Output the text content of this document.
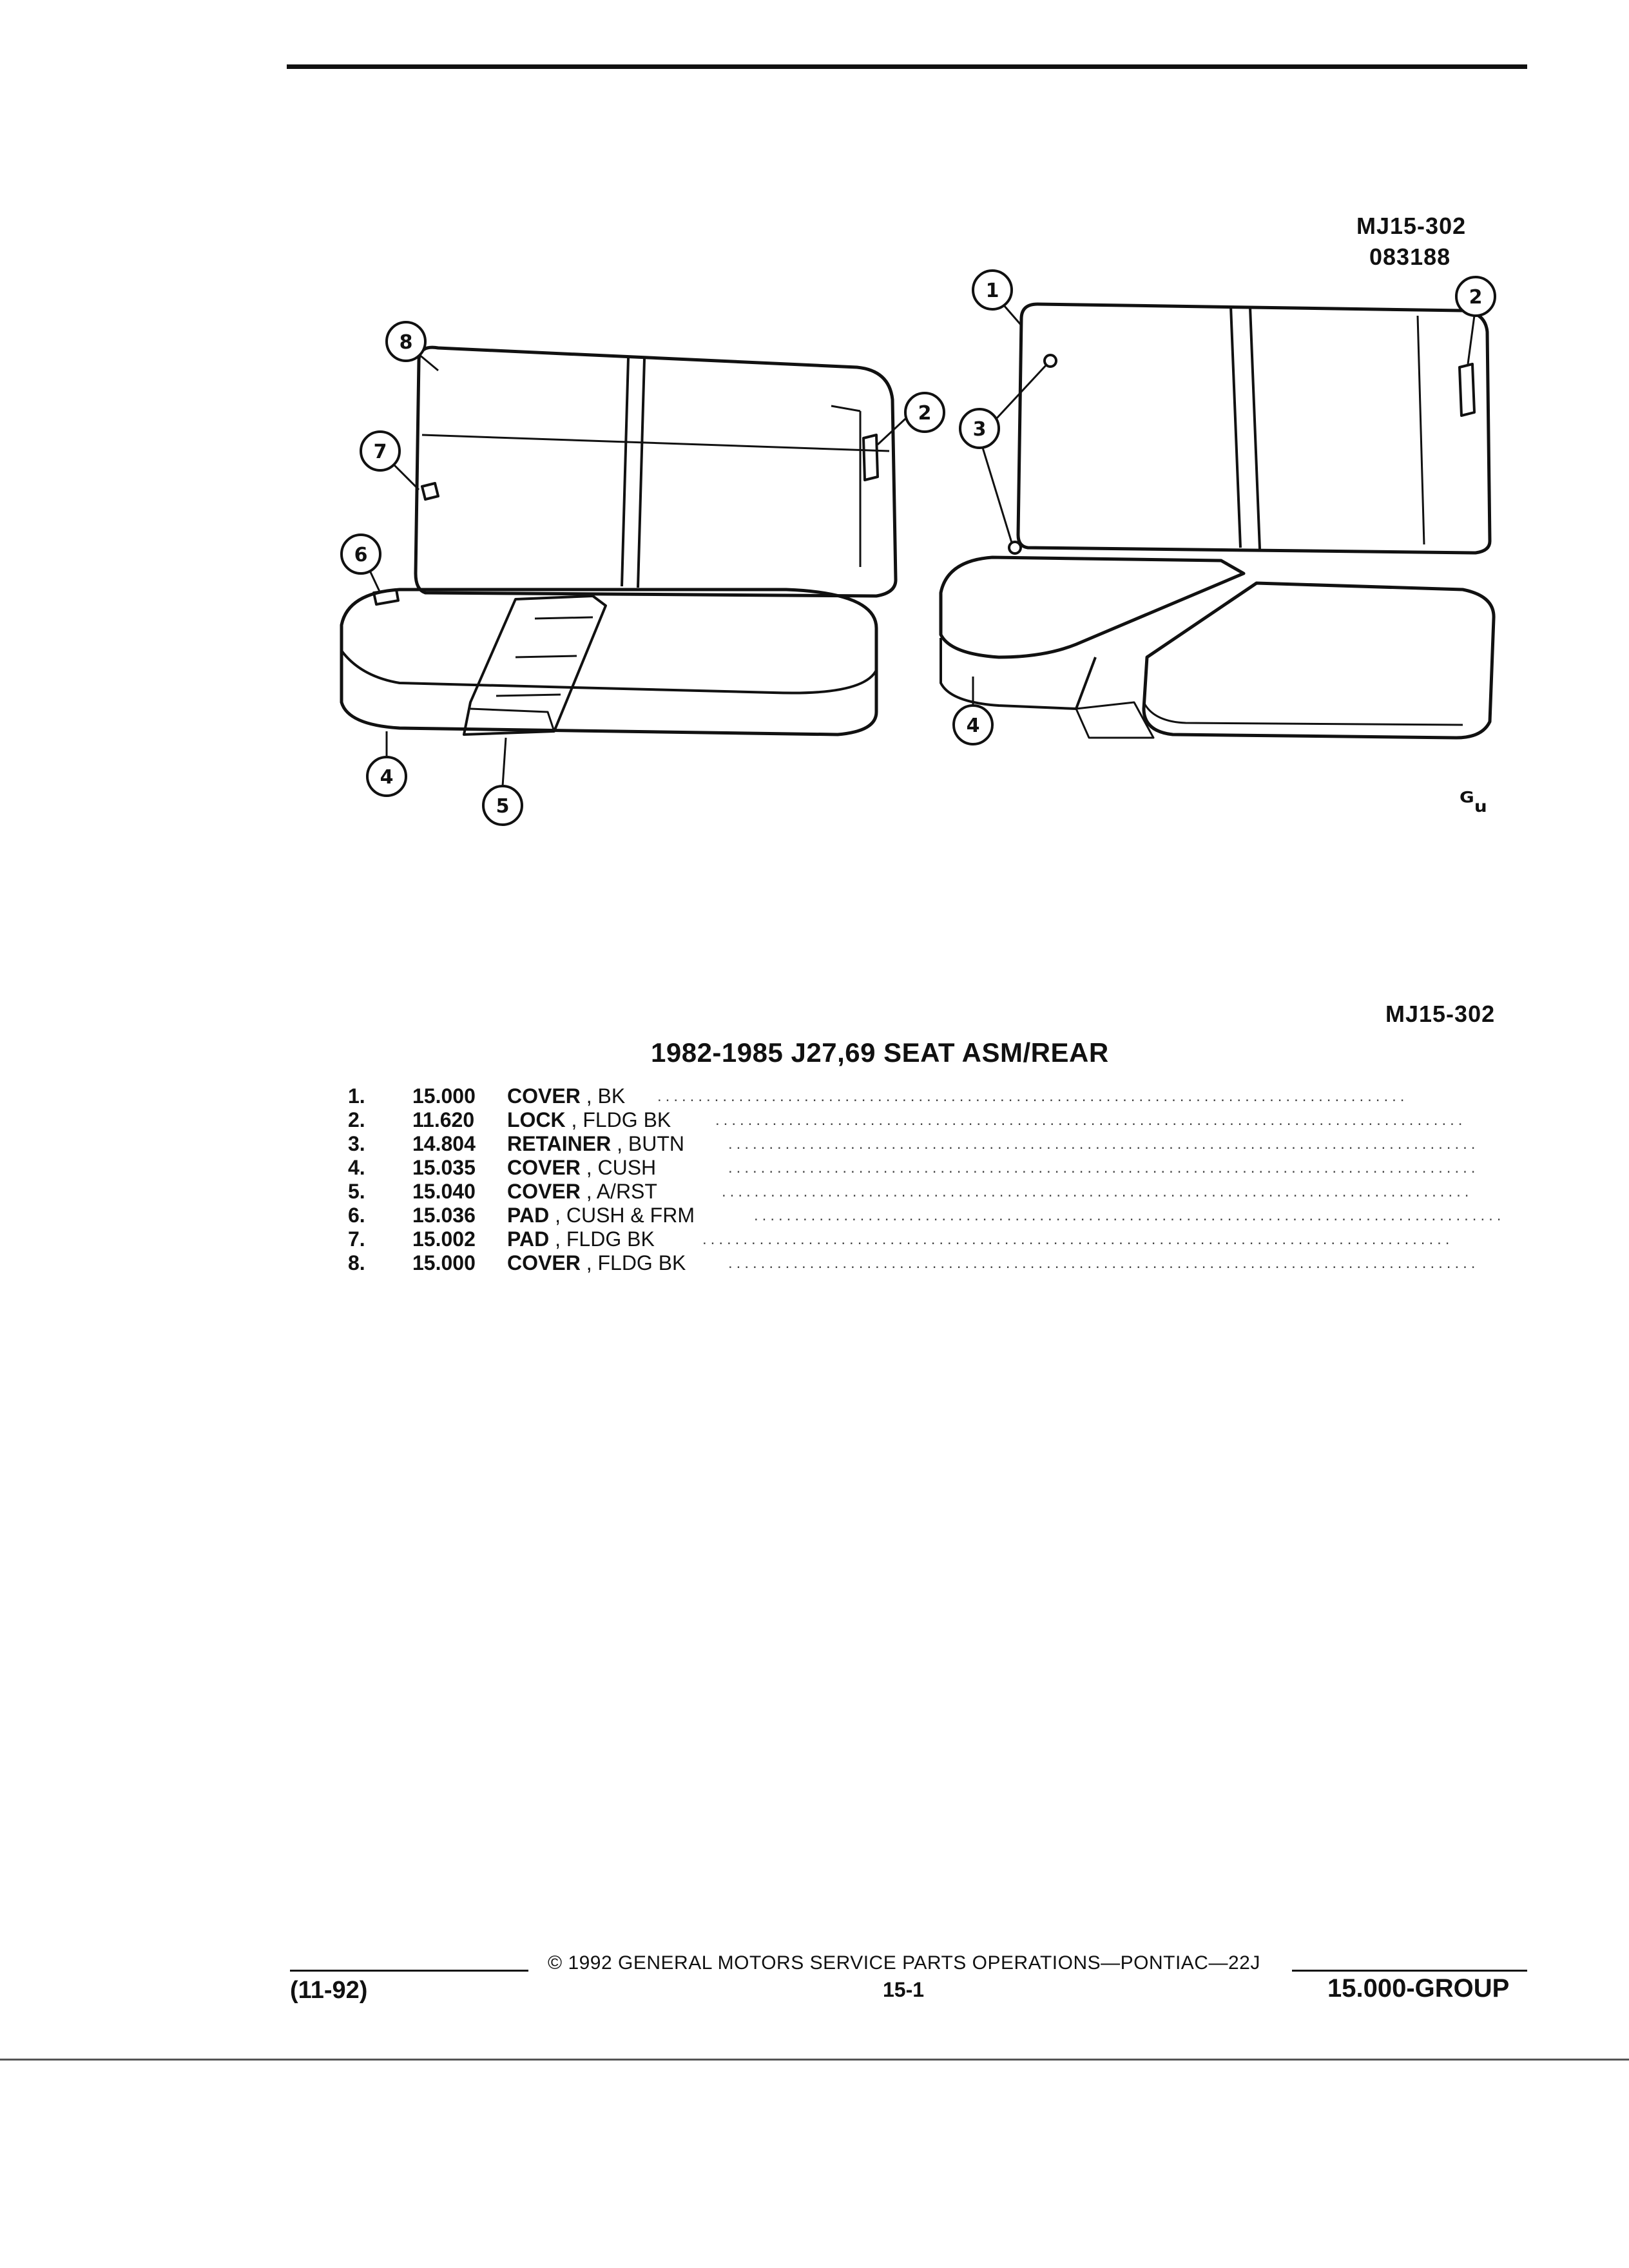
MJ15-302
083188
8
7
6
4
5
2
1
3
2
4
ᴳᵤ
MJ15-302
1982-1985 J27,69 SEAT ASM/REAR
1. 15.000 COVER , BK ............................................................................................
2. 11.620 LOCK , FLDG BK	............................................................................................
3. 14.804 RETAINER , BUTN	............................................................................................
4. 15.035 COVER , CUSH	............................................................................................
5. 15.040 COVER , A/RST	............................................................................................
6. 15.036 PAD , CUSH & FRM	............................................................................................
7. 15.002 PAD , FLDG BK	............................................................................................
8. 15.000 COVER , FLDG BK	............................................................................................
© 1992 GENERAL MOTORS SERVICE PARTS OPERATIONS—PONTIAC—22J
(11-92)	15-1	15.000-GROUP
